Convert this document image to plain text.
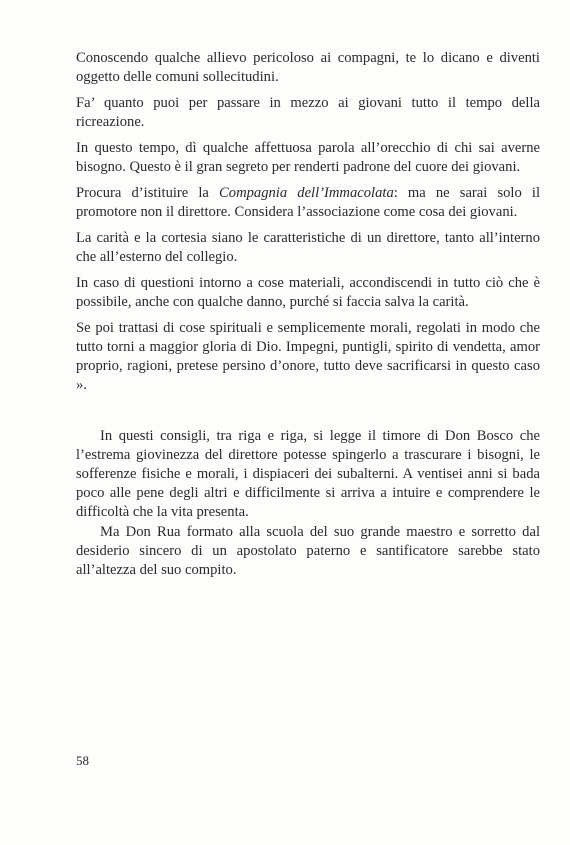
Conoscendo qualche allievo pericoloso ai compagni, te lo dicano e diventi oggetto delle comuni sollecitudini.

Fa’ quanto puoi per passare in mezzo ai giovani tutto il tempo della ricreazione.

In questo tempo, dì qualche affettuosa parola all’orecchio di chi sai averne bisogno. Questo è il gran segreto per renderti padrone del cuore dei giovani.

Procura d’istituire la Compagnia dell’Immacolata: ma ne sarai solo il promotore non il direttore. Considera l’associazione come cosa dei giovani.

La carità e la cortesia siano le caratteristiche di un direttore, tanto all’interno che all’esterno del collegio.

In caso di questioni intorno a cose materiali, accondiscendi in tutto ciò che è possibile, anche con qualche danno, purché si faccia salva la carità.

Se poi trattasi di cose spirituali e semplicemente morali, regolati in modo che tutto torni a maggior gloria di Dio. Impegni, puntigli, spirito di vendetta, amor proprio, ragioni, pretese persino d’onore, tutto deve sacrificarsi in questo caso ».

In questi consigli, tra riga e riga, si legge il timore di Don Bosco che l’estrema giovinezza del direttore potesse spingerlo a trascurare i bisogni, le sofferenze fisiche e morali, i dispiaceri dei subalterni. A ventisei anni si bada poco alle pene degli altri e difficilmente si arriva a intuire e comprendere le difficoltà che la vita presenta.

Ma Don Rua formato alla scuola del suo grande maestro e sorretto dal desiderio sincero di un apostolato paterno e santificatore sarebbe stato all’altezza del suo compito.

58
